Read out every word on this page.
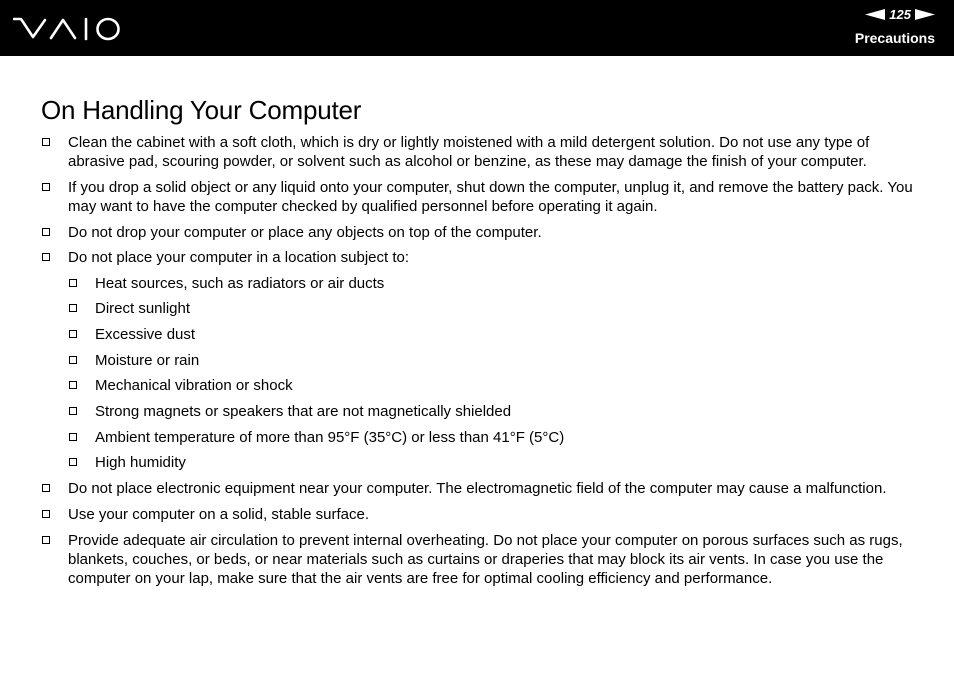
125
Precautions
On Handling Your Computer
Clean the cabinet with a soft cloth, which is dry or lightly moistened with a mild detergent solution. Do not use any type of abrasive pad, scouring powder, or solvent such as alcohol or benzine, as these may damage the finish of your computer.
If you drop a solid object or any liquid onto your computer, shut down the computer, unplug it, and remove the battery pack. You may want to have the computer checked by qualified personnel before operating it again.
Do not drop your computer or place any objects on top of the computer.
Do not place your computer in a location subject to:
Heat sources, such as radiators or air ducts
Direct sunlight
Excessive dust
Moisture or rain
Mechanical vibration or shock
Strong magnets or speakers that are not magnetically shielded
Ambient temperature of more than 95°F (35°C) or less than 41°F (5°C)
High humidity
Do not place electronic equipment near your computer. The electromagnetic field of the computer may cause a malfunction.
Use your computer on a solid, stable surface.
Provide adequate air circulation to prevent internal overheating. Do not place your computer on porous surfaces such as rugs, blankets, couches, or beds, or near materials such as curtains or draperies that may block its air vents. In case you use the computer on your lap, make sure that the air vents are free for optimal cooling efficiency and performance.
